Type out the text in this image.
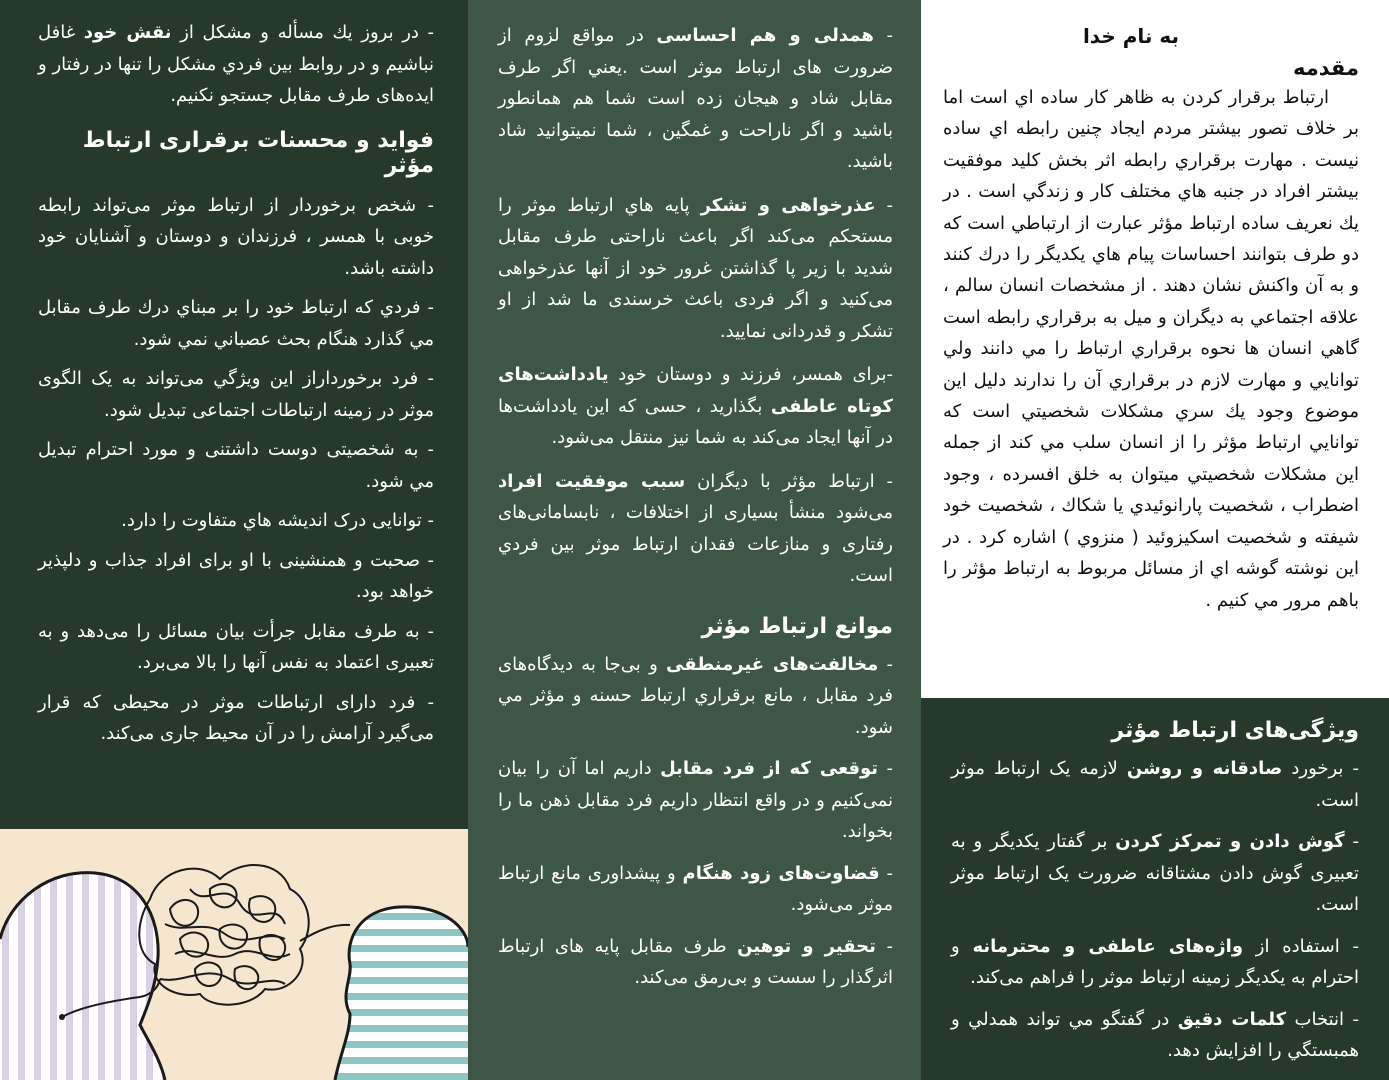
- در بروز يك مسأله و مشكل از نقش خود غافل نباشيم و در روابط بين فردي مشكل را تنها در رفتار و ايده‌های طرف مقابل جستجو نكنيم.

فواید و محسنات برقراری ارتباط مؤثر

- شخص برخوردار از ارتباط موثر می‌تواند رابطه خوبی با همسر ، فرزندان و دوستان و آشنایان خود داشته باشد.

- فردي كه ارتباط خود را بر مبناي درك طرف مقابل مي گذارد هنگام بحث عصباني نمي شود.

- فرد برخورداراز این ویژگي می‌تواند به یک الگوی موثر در زمینه ارتباطات اجتماعی تبدیل شود.

- به شخصیتی دوست داشتنی و مورد احترام تبدیل مي شود.

- توانايی درک انديشه هاي متفاوت را دارد.

- صحبت و همنشینی با او برای افراد جذاب و دلپذیر خواهد بود.

- به طرف مقابل جرأت بيان مسائل را می‌دهد و به تعبیری اعتماد به نفس آنها را بالا می‌برد.

- فرد دارای ارتباطات موثر در محیطی که قرار می‌گیرد آرامش را در آن محیط جاری می‌کند.

- همدلی و هم احساسی در مواقع لزوم از ضرورت های ارتباط موثر است .يعني اگر طرف مقابل شاد و هيجان زده است شما هم همانطور باشيد و اگر ناراحت و غمگين ، شما نميتوانيد شاد باشيد.

- عذرخواهی و تشکر پایه هاي ارتباط موثر را مستحکم می‌کند اگر باعث ناراحتی طرف مقابل شدید با زیر پا گذاشتن غرور خود از آنها عذرخواهی می‌کنید و اگر فردی باعث خرسندی ما شد از او تشکر و قدردانی نمایید.

-برای همسر، فرزند و دوستان خود یادداشت‌های کوتاه عاطفی بگذارید ، حسی که این یادداشت‌ها در آنها ایجاد می‌کند به شما نیز منتقل می‌شود.

- ارتباط مؤثر با دیگران سبب موفقیت افراد می‌شود منشأ بسیاری از اختلافات ، نابسامانی‌های رفتاری و منازعات فقدان ارتباط موثر بين فردي است.

موانع ارتباط مؤثر

- مخالفت‌های غیرمنطقی و بی‌جا به دیدگاه‌های فرد مقابل ، مانع برقراري ارتباط حسنه و مؤثر مي شود.

- توقعی که از فرد مقابل داریم اما آن را بیان نمی‌کنیم و در واقع انتظار داریم فرد مقابل ذهن ما را بخواند.

- قضاوت‌های زود هنگام و پیشداوری مانع ارتباط موثر می‌شود.

- تحقیر و توهین طرف مقابل پایه های ارتباط اثرگذار را سست و بی‌رمق می‌کند.

به نام خدا
مقدمه

ارتباط برقرار کردن به ظاهر کار ساده اي است اما بر خلاف تصور بيشتر مردم ايجاد چنين رابطه اي ساده نيست . مهارت برقراري رابطه اثر بخش کليد موفقيت بيشتر افراد در جنبه هاي مختلف کار و زندگي است . در يك نعريف ساده ارتباط مؤثر عبارت از ارتباطي است که دو طرف بتوانند احساسات پيام هاي يکديگر را درك کنند و به آن واکنش نشان دهند . از مشخصات انسان سالم ، علاقه اجتماعي به ديگران و ميل به برقراري رابطه است گاهي انسان ها نحوه برقراري ارتباط را مي دانند ولي توانايي و مهارت لازم در برقراري آن را ندارند دليل اين موضوع وجود يك سري مشكلات شخصيتي است که توانايي ارتباط مؤثر را از انسان سلب مي کند از جمله اين مشکلات شخصيتي ميتوان به خلق افسرده ، وجود اضطراب ، شخصيت پارانوئيدي يا شکاك ، شخصيت خود شيفته و شخصيت اسکيزوئيد ( منزوي ) اشاره کرد . در اين نوشته گوشه اي از مسائل مربوط به ارتباط مؤثر را باهم مرور مي کنيم .

ویژگی‌های ارتباط مؤثر

- برخورد صادقانه و روشن لازمه یک ارتباط موثر است.

- گوش دادن و تمرکز کردن بر گفتار یکدیگر و به تعبیری گوش دادن مشتاقانه ضرورت یک ارتباط موثر است.

- استفاده از واژه‌های عاطفی و محترمانه و احترام به یکدیگر زمینه ارتباط موثر را فراهم می‌کند.

- انتخاب کلمات دقيق در گفتگو مي تواند همدلي و همبستگي را افزايش دهد.
